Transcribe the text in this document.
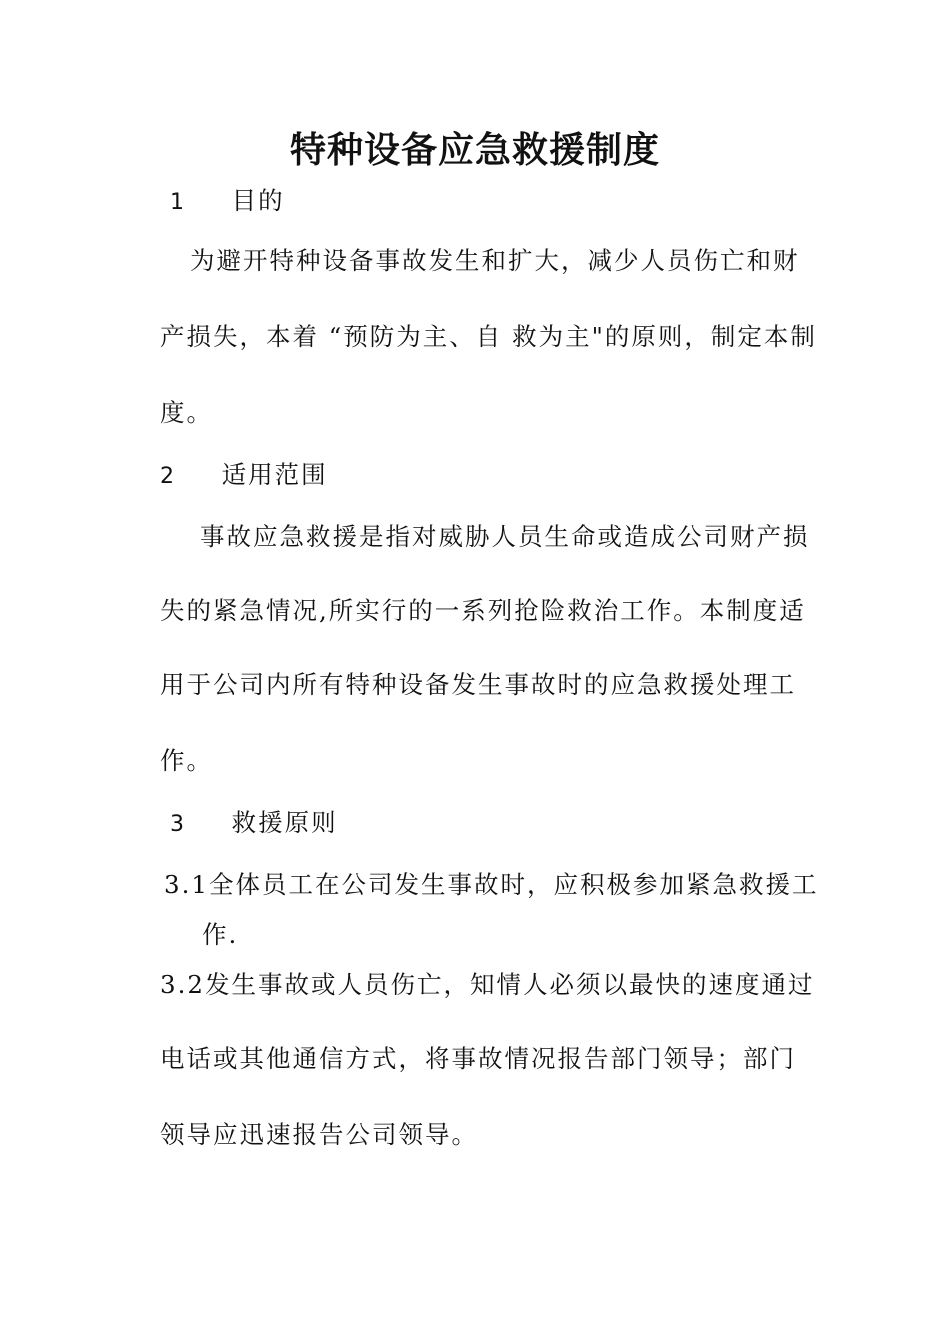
特种设备应急救援制度
1 目的
为避开特种设备事故发生和扩大，减少人员伤亡和财
产损失，本着 “预防为主、自 救为主"的原则，制定本制
度。
2 适用范围
事故应急救援是指对威胁人员生命或造成公司财产损
失的紧急情况,所实行的一系列抢险救治工作。本制度适
用于公司内所有特种设备发生事故时的应急救援处理工
作。
3 救援原则
3.1全体员工在公司发生事故时，应积极参加紧急救援工
作.
3.2发生事故或人员伤亡，知情人必须以最快的速度通过
电话或其他通信方式，将事故情况报告部门领导；部门
领导应迅速报告公司领导。
